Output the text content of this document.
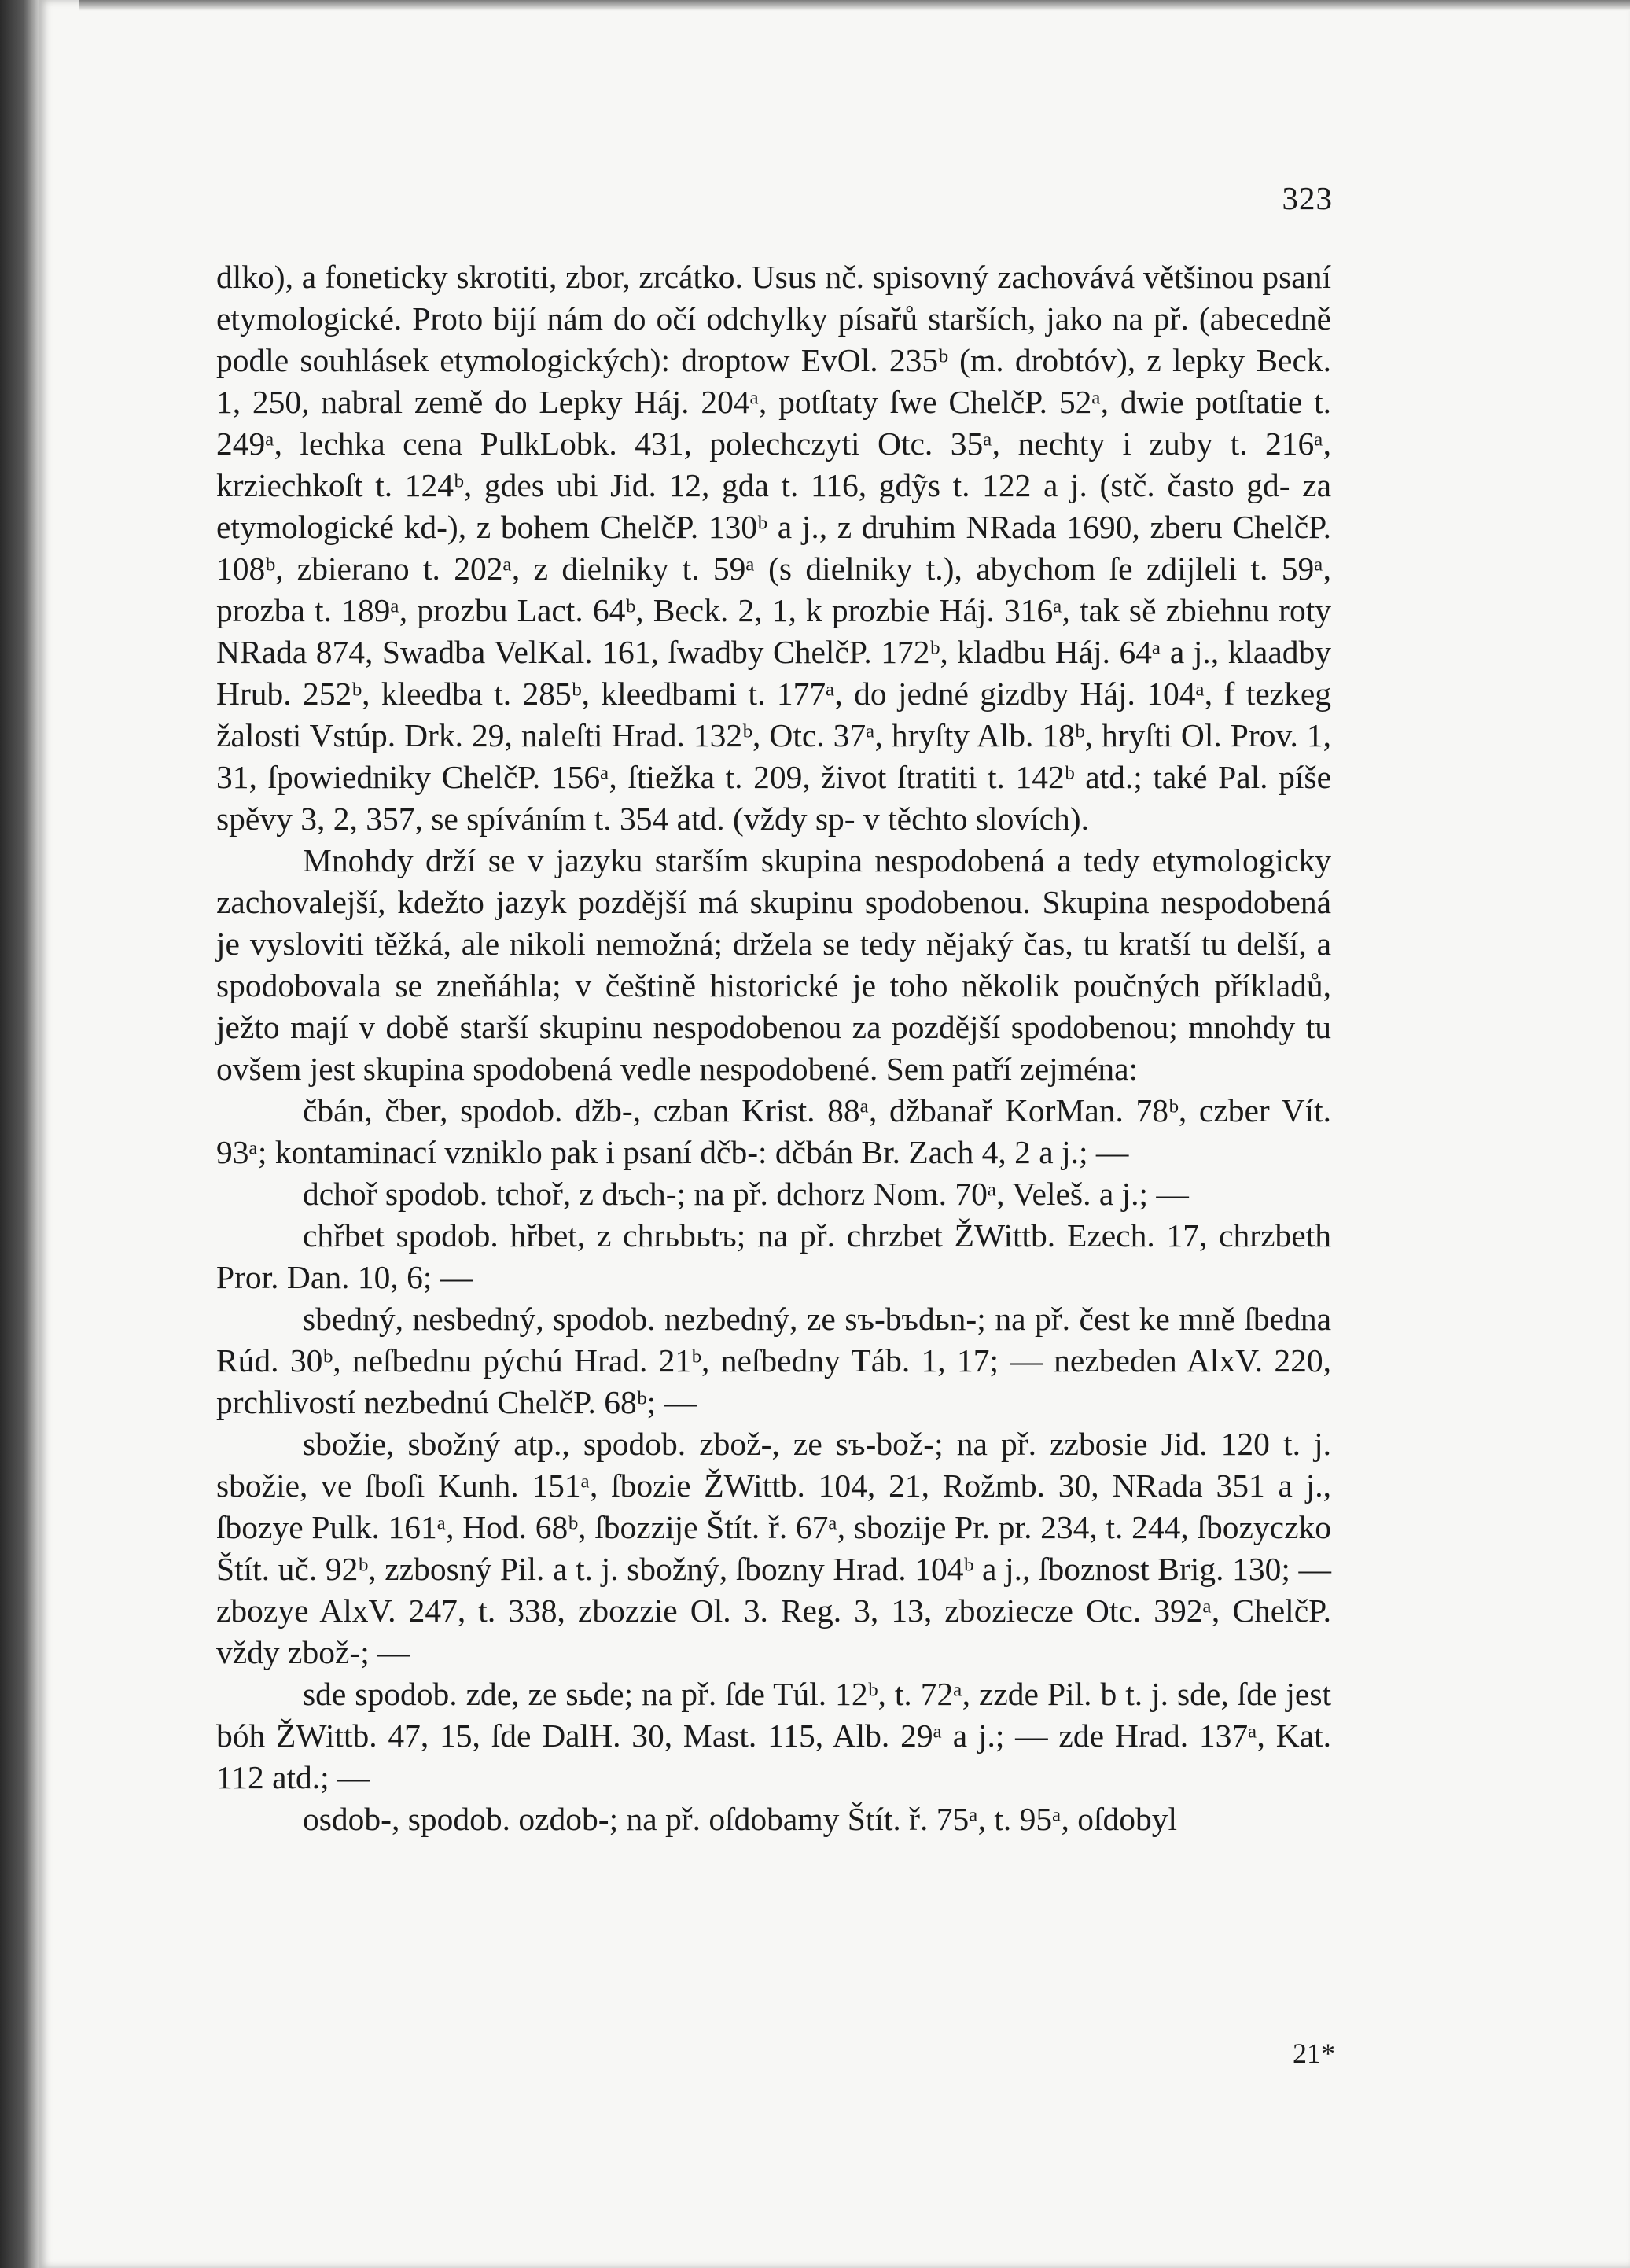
323

dlko), a foneticky skrotiti, zbor, zrcátko. Usus nč. spisovný zachovává většinou psaní etymologické. Proto bijí nám do očí odchylky písařů starších, jako na př. (abecedně podle souhlásek etymologických): droptow EvOl. 235ᵇ (m. drobtóv), z lepky Beck. 1, 250, nabral země do Lepky Háj. 204ᵃ, potſtaty ſwe ChelčP. 52ᵃ, dwie potſtatie t. 249ᵃ, lechka cena PulkLobk. 431, polechczyti Otc. 35ᵃ, nechty i zuby t. 216ᵃ, krziechkoſt t. 124ᵇ, gdes ubi Jid. 12, gda t. 116, gdỹs t. 122 a j. (stč. často gd- za etymologické kd-), z bohem ChelčP. 130ᵇ a j., z druhim NRada 1690, zberu ChelčP. 108ᵇ, zbierano t. 202ᵃ, z dielniky t. 59ᵃ (s dielniky t.), abychom ſe zdijleli t. 59ᵃ, prozba t. 189ᵃ, prozbu Lact. 64ᵇ, Beck. 2, 1, k prozbie Háj. 316ᵃ, tak sě zbiehnu roty NRada 874, Swadba VelKal. 161, ſwadby ChelčP. 172ᵇ, kladbu Háj. 64ᵃ a j., klaadby Hrub. 252ᵇ, kleedba t. 285ᵇ, kleedbami t. 177ᵃ, do jedné gizdby Háj. 104ᵃ, f tezkeg žalosti Vstúp. Drk. 29, naleſti Hrad. 132ᵇ, Otc. 37ᵃ, hryſty Alb. 18ᵇ, hryſti Ol. Prov. 1, 31, ſpowiedniky ChelčP. 156ᵃ, ſtiežka t. 209, život ſtratiti t. 142ᵇ atd.; také Pal. píše spěvy 3, 2, 357, se spíváním t. 354 atd. (vždy sp- v těchto slovích).

Mnohdy drží se v jazyku starším skupina nespodobená a tedy etymologicky zachovalejší, kdežto jazyk pozdější má skupinu spodobenou. Skupina nespodobená je vysloviti těžká, ale nikoli nemožná; držela se tedy nějaký čas, tu kratší tu delší, a spodobovala se zneňáhla; v češtině historické je toho několik poučných příkladů, ježto mají v době starší skupinu nespodobenou za pozdější spodobenou; mnohdy tu ovšem jest skupina spodobená vedle nespodobené. Sem patří zejména:

čbán, čber, spodob. džb-, czban Krist. 88ᵃ, džbanař KorMan. 78ᵇ, czber Vít. 93ᵃ; kontaminací vzniklo pak i psaní dčb-: dčbán Br. Zach 4, 2 a j.; —

dchoř spodob. tchoř, z dъch-; na př. dchorz Nom. 70ᵃ, Veleš. a j.; —

chřbet spodob. hřbet, z chrьbьtъ; na př. chrzbet ŽWittb. Ezech. 17, chrzbeth Pror. Dan. 10, 6; —

sbedný, nesbedný, spodob. nezbedný, ze sъ-bъdьn-; na př. čest ke mně ſbedna Rúd. 30ᵇ, neſbednu pýchú Hrad. 21ᵇ, neſbedny Táb. 1, 17; — nezbeden AlxV. 220, prchlivostí nezbednú ChelčP. 68ᵇ; —

sbožie, sbožný atp., spodob. zbož-, ze sъ-bož-; na př. zzbosie Jid. 120 t. j. sbožie, ve ſboſi Kunh. 151ᵃ, ſbozie ŽWittb. 104, 21, Rožmb. 30, NRada 351 a j., ſbozye Pulk. 161ᵃ, Hod. 68ᵇ, ſbozzije Štít. ř. 67ᵃ, sbozije Pr. pr. 234, t. 244, ſbozyczko Štít. uč. 92ᵇ, zzbosný Pil. a t. j. sbožný, ſbozny Hrad. 104ᵇ a j., ſboznost Brig. 130; — zbozye AlxV. 247, t. 338, zbozzie Ol. 3. Reg. 3, 13, zboziecze Otc. 392ᵃ, ChelčP. vždy zbož-; —

sde spodob. zde, ze sьde; na př. ſde Túl. 12ᵇ, t. 72ᵃ, zzde Pil. b t. j. sde, ſde jest bóh ŽWittb. 47, 15, ſde DalH. 30, Mast. 115, Alb. 29ᵃ a j.; — zde Hrad. 137ᵃ, Kat. 112 atd.; —

osdob-, spodob. ozdob-; na př. oſdobamy Štít. ř. 75ᵃ, t. 95ᵃ, oſdobyl

21*
